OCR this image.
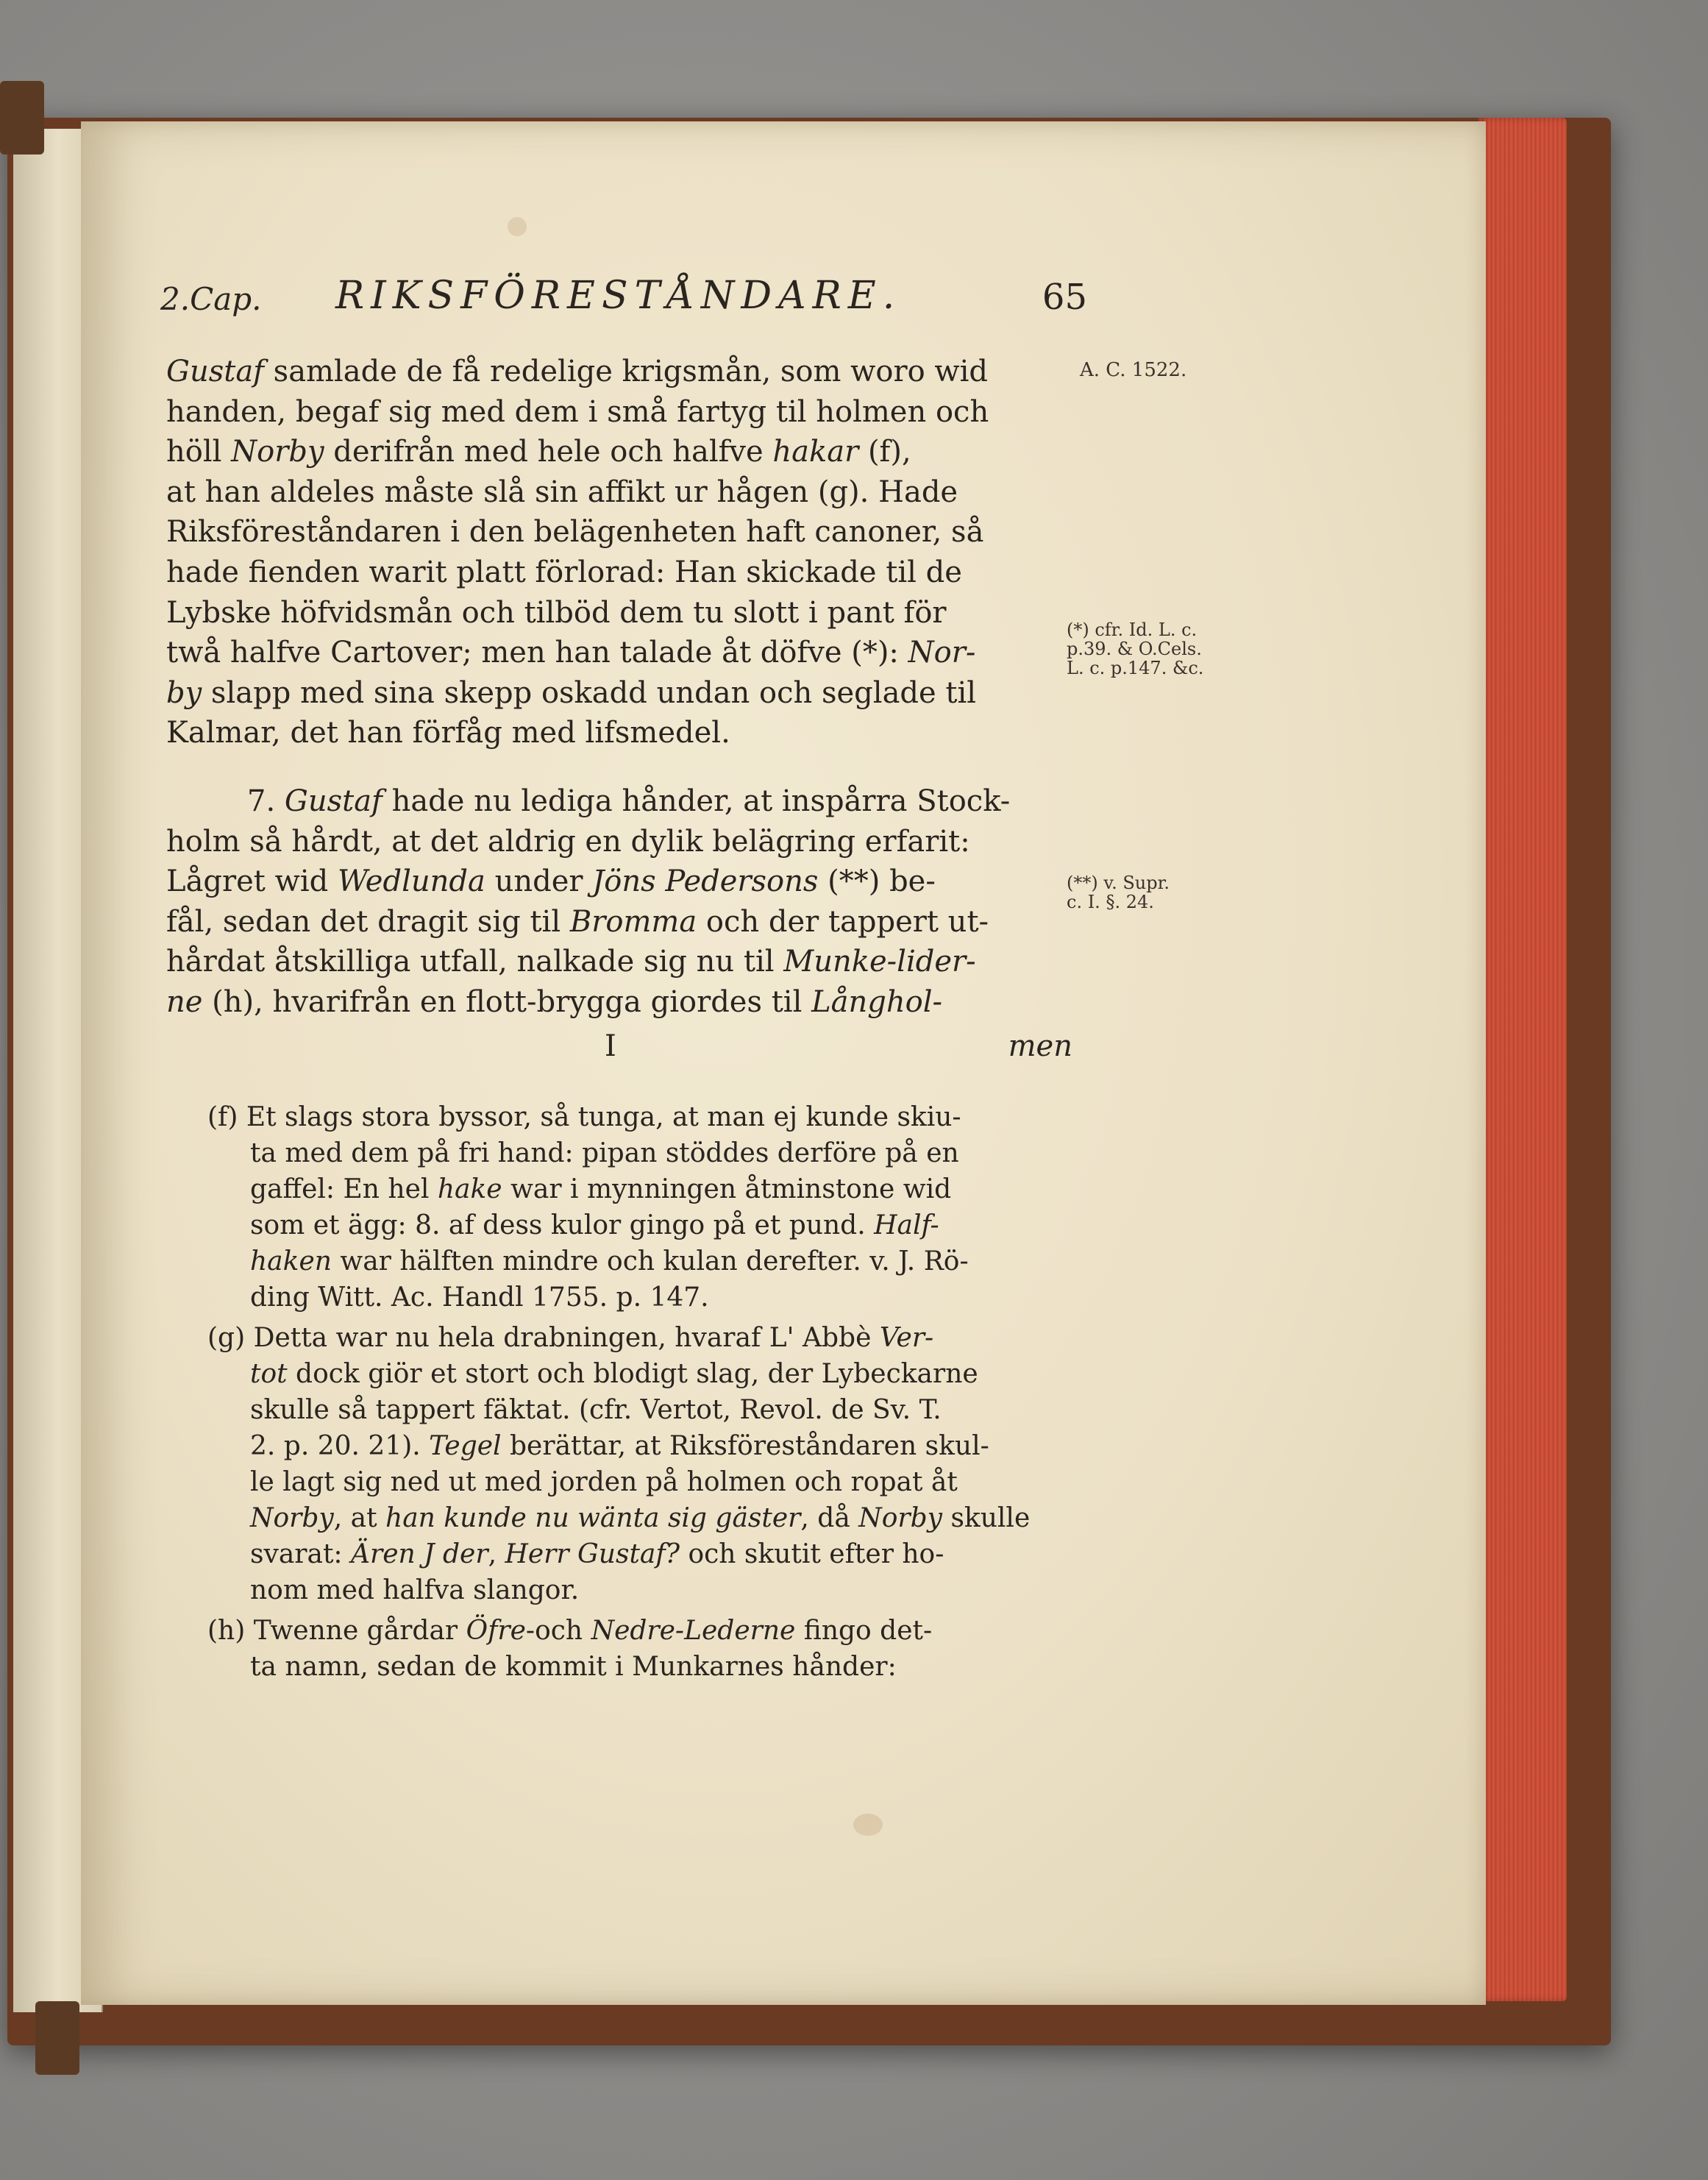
2.Cap. RIKSFÖRESTÅNDARE.	65

Gustaf samlade de få redelige krigsmån, som woro wid

handen, begaf sig med dem i små fartyg til holmen och

höll Norby derifrån med hele och halfve hakar (f),

at han aldeles måste slå sin affikt ur hågen (g). Hade

Riksföreståndaren i den belägenheten haft canoner, så

hade fienden warit platt förlorad: Han skickade til de

Lybske höfvidsmån och tilböd dem tu slott i pant för

twå halfve Cartover; men han talade åt döfve (*): Nor-

by slapp med sina skepp oskadd undan och seglade til

Kalmar, det han förfåg med lifsmedel.

7. Gustaf hade nu lediga hånder, at inspårra Stock-

holm så hårdt, at det aldrig en dylik belägring erfarit:

Lågret wid Wedlunda under Jöns Pedersons (**) be-

fål, sedan det dragit sig til Bromma och der tappert ut-

hårdat åtskilliga utfall, nalkade sig nu til Munke-lider-

ne (h), hvarifrån en flott-brygga giordes til Långhol-

I	men

(f) Et slags stora byssor, så tunga, at man ej kunde skiu-

ta med dem på fri hand: pipan stöddes derföre på en

gaffel: En hel hake war i mynningen åtminstone wid

som et ägg: 8. af dess kulor gingo på et pund. Half-

haken war hälften mindre och kulan derefter. v. J. Rö-

ding Witt. Ac. Handl 1755. p. 147.

(g) Detta war nu hela drabningen, hvaraf L' Abbè Ver-

tot dock giör et stort och blodigt slag, der Lybeckarne

skulle så tappert fäktat. (cfr. Vertot, Revol. de Sv. T.

2. p. 20. 21). Tegel berättar, at Riksföreståndaren skul-

le lagt sig ned ut med jorden på holmen och ropat åt

Norby, at han kunde nu wänta sig gäster, då Norby skulle

svarat: Ären J der, Herr Gustaf? och skutit efter ho-

nom med halfva slangor.

(h) Twenne gårdar Öfre-och Nedre-Lederne fingo det-

ta namn, sedan de kommit i Munkarnes hånder:

A. C. 1522.
(*) cfr. Id. L. c.
p.39. & O.Cels.
L. c. p.147. &c.
(**) v. Supr.
c. I. §. 24.
